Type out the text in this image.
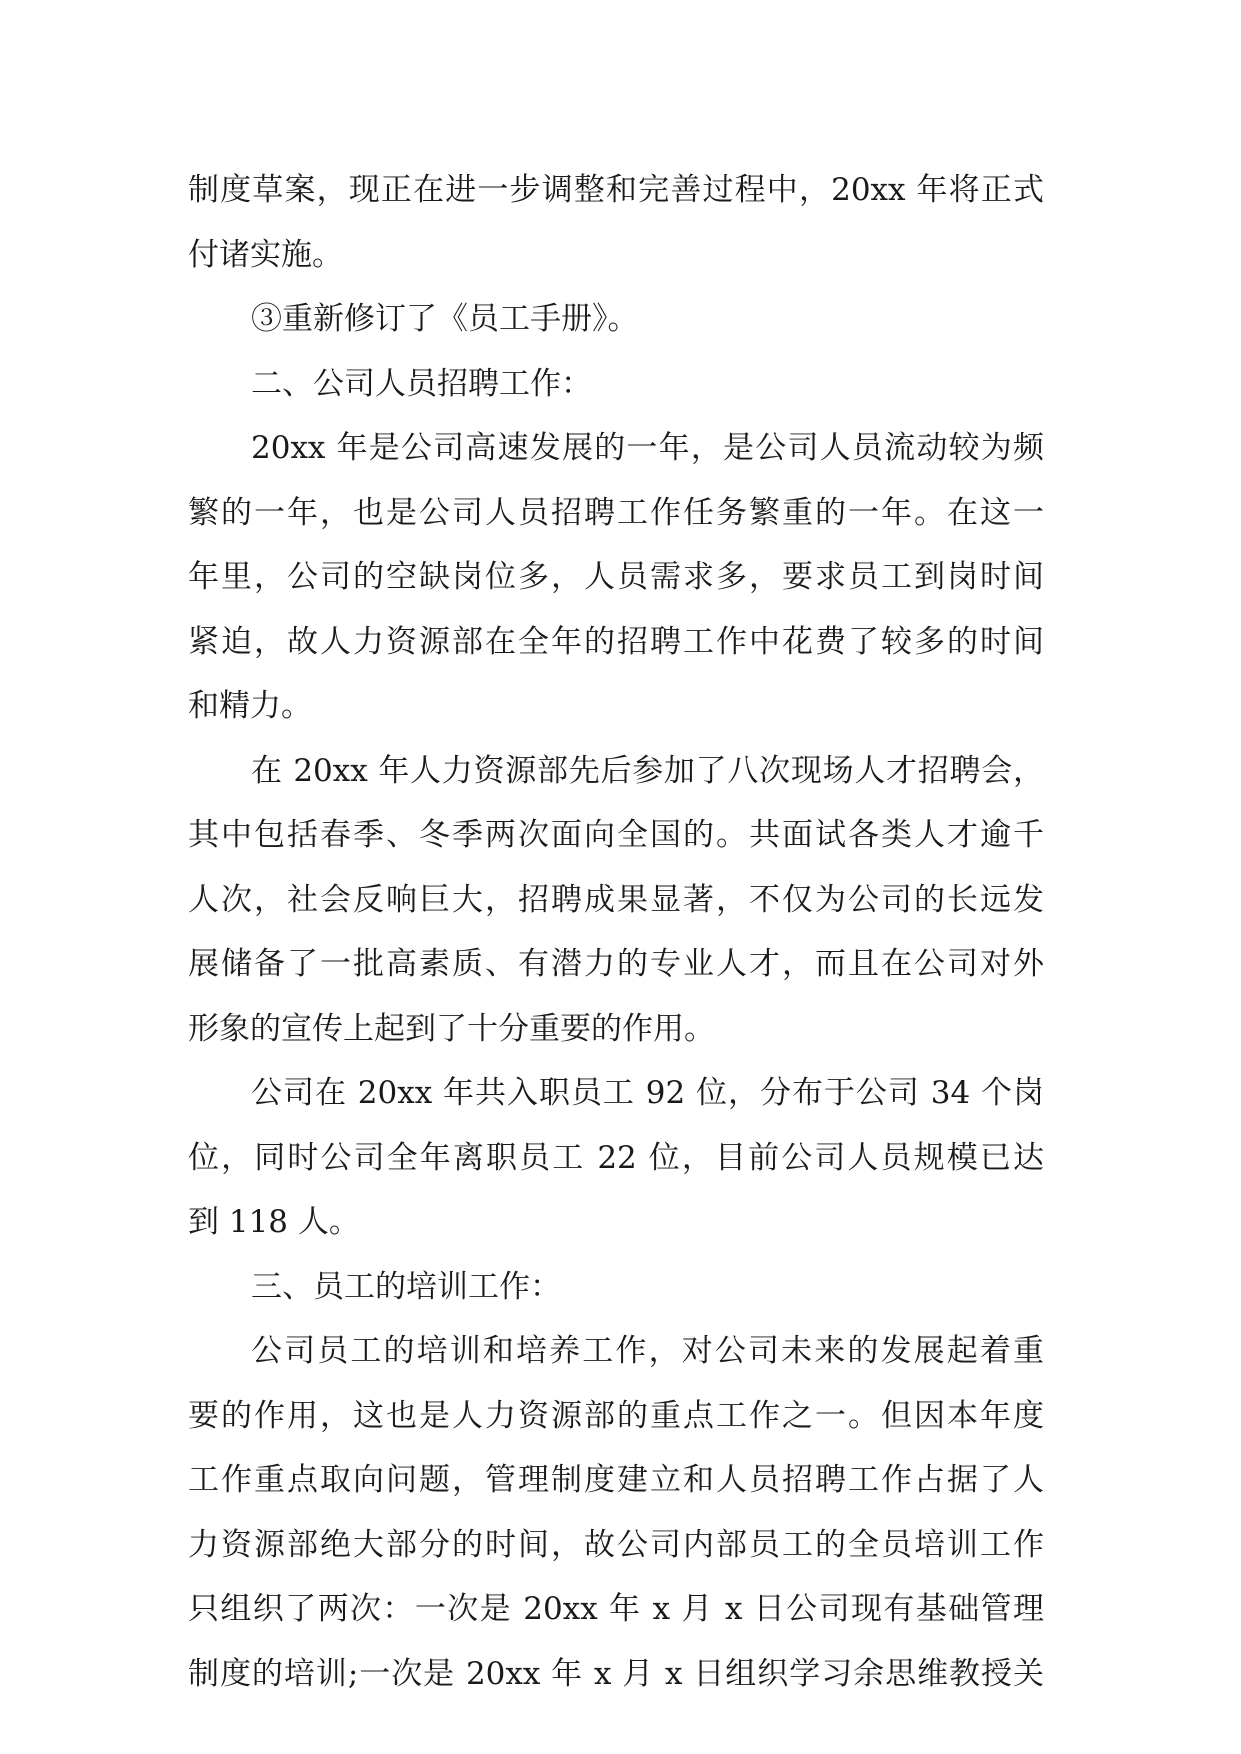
制度草案，现正在进一步调整和完善过程中，20xx 年将正式
付诸实施。
③重新修订了《员工手册》。
二、公司人员招聘工作：
20xx 年是公司高速发展的一年，是公司人员流动较为频
繁的一年，也是公司人员招聘工作任务繁重的一年。在这一
年里，公司的空缺岗位多，人员需求多，要求员工到岗时间
紧迫，故人力资源部在全年的招聘工作中花费了较多的时间
和精力。
在 20xx 年人力资源部先后参加了八次现场人才招聘会，
其中包括春季、冬季两次面向全国的。共面试各类人才逾千
人次，社会反响巨大，招聘成果显著，不仅为公司的长远发
展储备了一批高素质、有潜力的专业人才，而且在公司对外
形象的宣传上起到了十分重要的作用。
公司在 20xx 年共入职员工 92 位，分布于公司 34 个岗
位，同时公司全年离职员工 22 位，目前公司人员规模已达
到 118 人。
三、员工的培训工作：
公司员工的培训和培养工作，对公司未来的发展起着重
要的作用，这也是人力资源部的重点工作之一。但因本年度
工作重点取向问题，管理制度建立和人员招聘工作占据了人
力资源部绝大部分的时间，故公司内部员工的全员培训工作
只组织了两次：一次是 20xx 年 x 月 x 日公司现有基础管理
制度的培训;一次是 20xx 年 x 月 x 日组织学习余思维教授关
